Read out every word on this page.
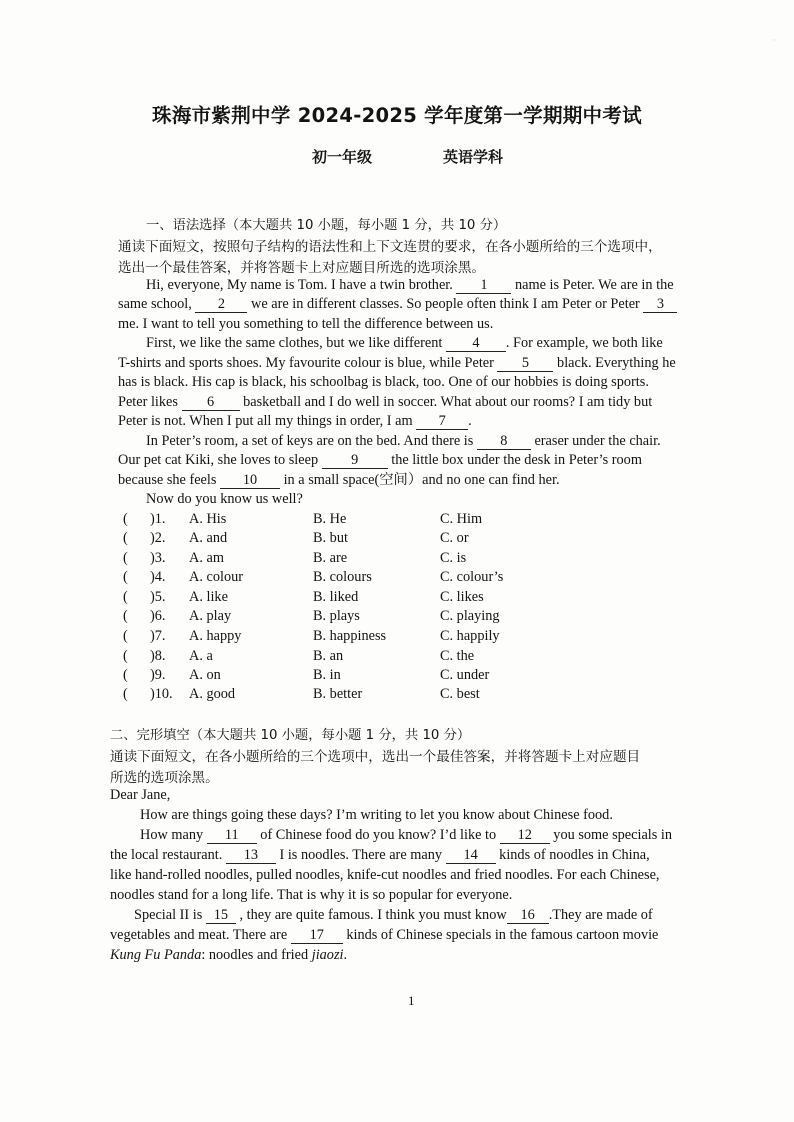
·
珠海市紫荆中学 2024-2025 学年度第一学期期中考试
初一年级	英语学科
一、语法选择（本大题共 10 小题，每小题 1 分，共 10 分）
通读下面短文，按照句子结构的语法性和上下文连贯的要求，在各小题所给的三个选项中，
选出一个最佳答案，并将答题卡上对应题目所选的选项涂黑。
Hi, everyone, My name is Tom. I have a twin brother. 1 name is Peter. We are in the
same school, 2 we are in different classes. So people often think I am Peter or Peter 3
me. I want to tell you something to tell the difference between us.
First, we like the same clothes, but we like different 4 . For example, we both like
T-shirts and sports shoes. My favourite colour is blue, while Peter 5 black. Everything he
has is black. His cap is black, his schoolbag is black, too. One of our hobbies is doing sports.
Peter likes 6 basketball and I do well in soccer. What about our rooms? I am tidy but
Peter is not. When I put all my things in order, I am 7 .
In Peter’s room, a set of keys are on the bed. And there is 8 eraser under the chair.
Our pet cat Kiki, she loves to sleep 9 the little box under the desk in Peter’s room
because she feels 10 in a small space(空间）and no one can find her.
Now do you know us well?
( )1. A. His	B. He	C. Him
( )2. A. and	B. but	C. or
( )3. A. am	B. are	C. is
( )4. A. colour	B. colours	C. colour’s
( )5. A. like	B. liked	C. likes
( )6. A. play	B. plays	C. playing
( )7. A. happy	B. happiness	C. happily
( )8. A. a	B. an	C. the
( )9. A. on	B. in	C. under
( )10. A. good	B. better	C. best
二、完形填空（本大题共 10 小题，每小题 1 分，共 10 分）
通读下面短文，在各小题所给的三个选项中，选出一个最佳答案，并将答题卡上对应题目
所选的选项涂黑。
Dear Jane,
How are things going these days? I’m writing to let you know about Chinese food.
How many 11 of Chinese food do you know? I’d like to 12 you some specials in
the local restaurant. 13 I is noodles. There are many 14 kinds of noodles in China,
like hand-rolled noodles, pulled noodles, knife-cut noodles and fried noodles. For each Chinese,
noodles stand for a long life. That is why it is so popular for everyone.
Special II is 15 , they are quite famous. I think you must know 16 .They are made of
vegetables and meat. There are 17 kinds of Chinese specials in the famous cartoon movie
Kung Fu Panda: noodles and fried jiaozi.
1
